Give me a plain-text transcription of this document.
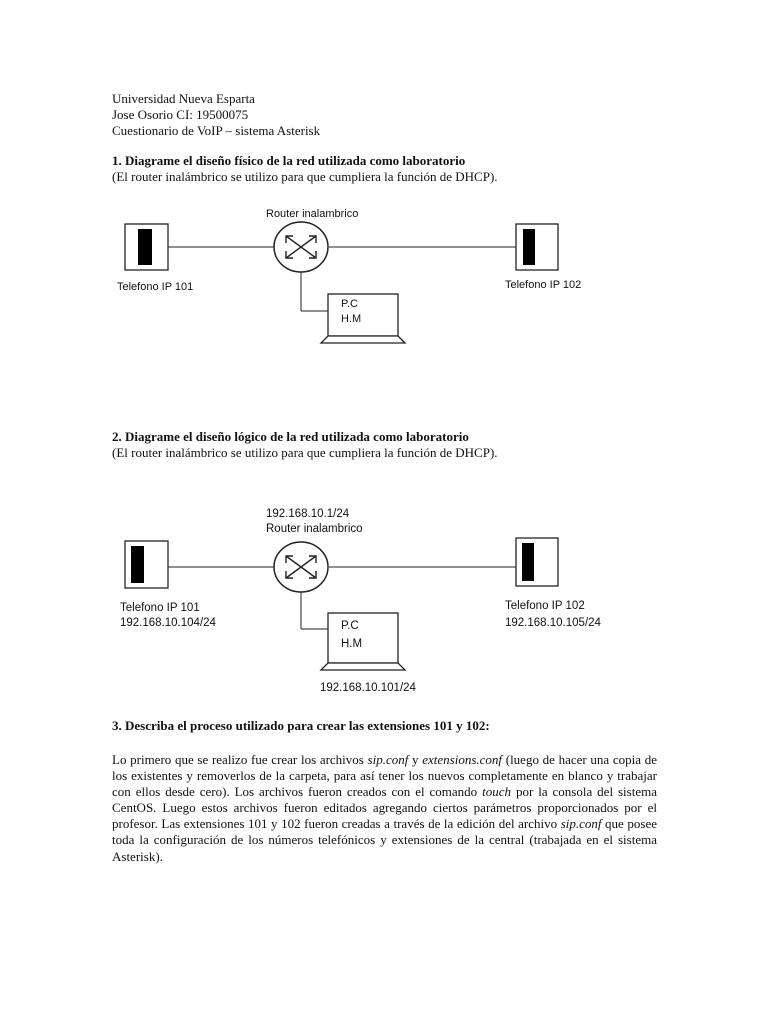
Universidad Nueva Esparta
Jose Osorio CI: 19500075
Cuestionario de VoIP – sistema Asterisk
1. Diagrame el diseño físico de la red utilizada como laboratorio
(El router inalámbrico se utilizo para que cumpliera la función de DHCP).
Telefono IP 101
Router inalambrico
Telefono IP 102
P.C
H.M
2. Diagrame el diseño lógico de la red utilizada como laboratorio
(El router inalámbrico se utilizo para que cumpliera la función de DHCP).
192.168.10.1/24
Router inalambrico
Telefono IP 101
192.168.10.104/24
Telefono IP 102
192.168.10.105/24
P.C
H.M
192.168.10.101/24
3. Describa el proceso utilizado para crear las extensiones 101 y 102:
Lo primero que se realizo fue crear los archivos sip.conf y extensions.conf (luego de hacer una copia de los existentes y removerlos de la carpeta, para así tener los nuevos completamente en blanco y trabajar con ellos desde cero). Los archivos fueron creados con el comando touch por la consola del sistema CentOS. Luego estos archivos fueron editados agregando ciertos parámetros proporcionados por el profesor. Las extensiones 101 y 102 fueron creadas a través de la edición del archivo sip.conf que posee toda la configuración de los números telefónicos y extensiones de la central (trabajada en el sistema Asterisk).
